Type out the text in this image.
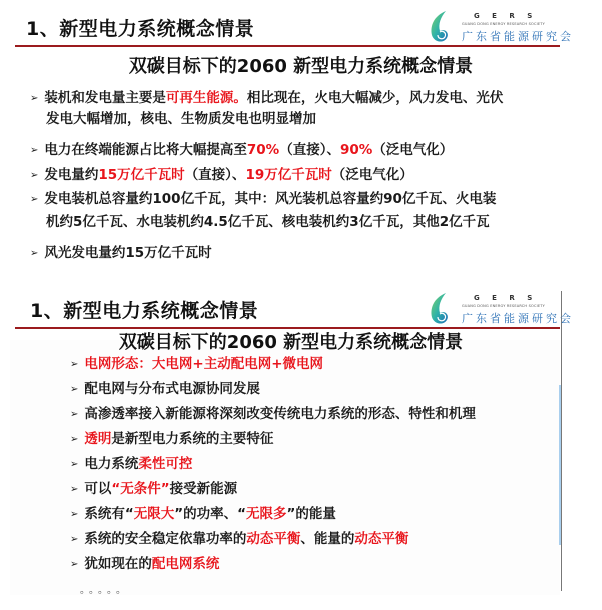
1、新型电力系统概念情景
G E R S
GUANG DONG ENERGY RESEARCH SOCIETY
广东省能源研究会
双碳目标下的2060 新型电力系统概念情景
➢ 装机和发电量主要是可再生能源。相比现在，火电大幅减少，风力发电、光伏
发电大幅增加，核电、生物质发电也明显增加
➢ 电力在终端能源占比将大幅提高至70%（直接）、90%（泛电气化）
➢ 发电量约15万亿千瓦时（直接）、19万亿千瓦时（泛电气化）
➢ 发电装机总容量约100亿千瓦，其中：风光装机总容量约90亿千瓦、火电装
机约5亿千瓦、水电装机约4.5亿千瓦、核电装机约3亿千瓦，其他2亿千瓦
➢ 风光发电量约15万亿千瓦时
1、新型电力系统概念情景
G E R S
GUANG DONG ENERGY RESEARCH SOCIETY
广东省能源研究会
双碳目标下的2060 新型电力系统概念情景
➢ 电网形态：大电网+主动配电网+微电网
➢ 配电网与分布式电源协同发展
➢ 高渗透率接入新能源将深刻改变传统电力系统的形态、特性和机理
➢ 透明是新型电力系统的主要特征
➢ 电力系统柔性可控
➢ 可以“无条件”接受新能源
➢ 系统有“无限大”的功率、“无限多”的能量
➢ 系统的安全稳定依靠功率的动态平衡、能量的动态平衡
➢ 犹如现在的配电网系统
。。。。。
